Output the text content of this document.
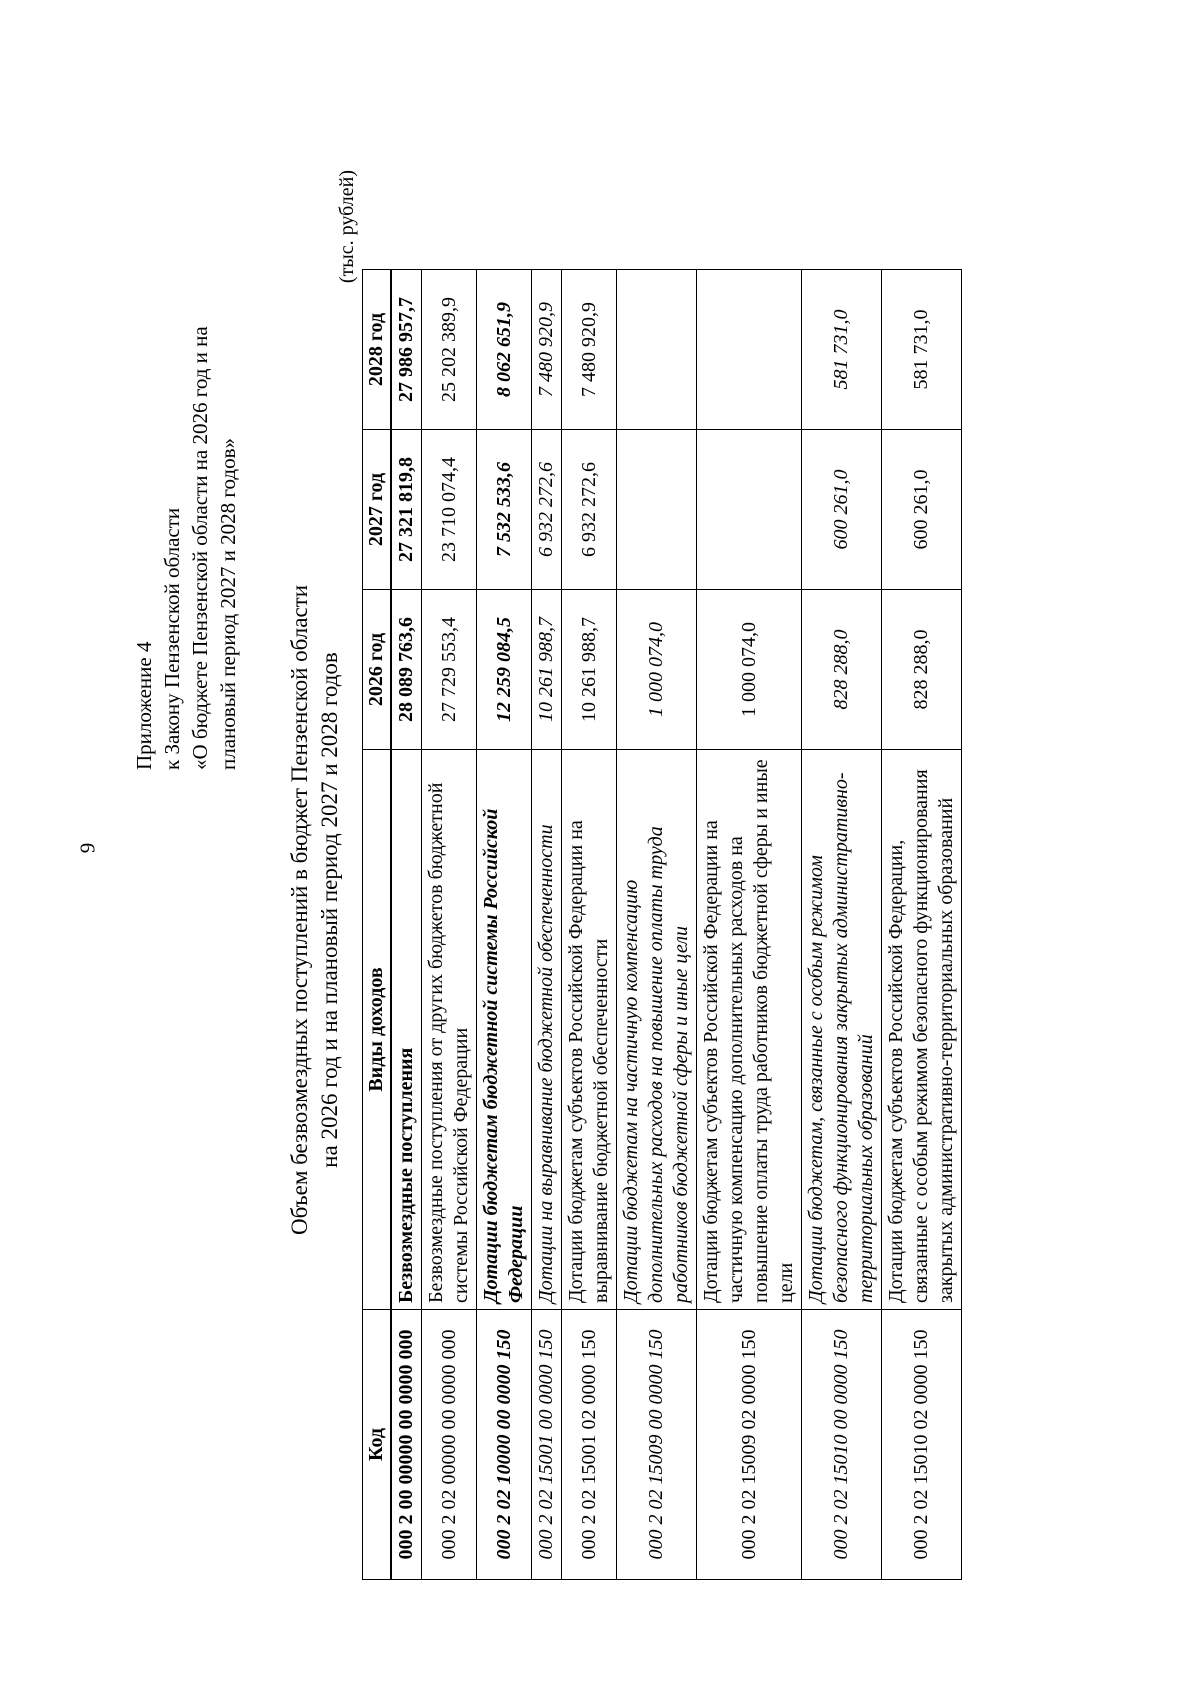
9
Приложение 4 к Закону Пензенской области «О бюджете Пензенской области на 2026 год и на плановый период 2027 и 2028 годов» Объем безвозмездных поступлений в бюджет Пензенской области на 2026 год и на плановый период 2027 и 2028 годов
(тыс. рублей)
Код	Виды доходов	2026 год	2027 год	2028 год
000 2 00 00000 00 0000 000	Безвозмездные поступления	28 089 763,6	27 321 819,8	27 986 957,7
000 2 02 00000 00 0000 000	Безвозмездные поступления от других бюджетов бюджетной системы Российской Федерации	27 729 553,4	23 710 074,4	25 202 389,9
000 2 02 10000 00 0000 150	Дотации бюджетам бюджетной системы Российской Федерации	12 259 084,5	7 532 533,6	8 062 651,9
000 2 02 15001 00 0000 150	Дотации на выравнивание бюджетной обеспеченности	10 261 988,7	6 932 272,6	7 480 920,9
000 2 02 15001 02 0000 150	Дотации бюджетам субъектов Российской Федерации на выравнивание бюджетной обеспеченности	10 261 988,7	6 932 272,6	7 480 920,9
000 2 02 15009 00 0000 150	Дотации бюджетам на частичную компенсацию дополнительных расходов на повышение оплаты труда работников бюджетной сферы и иные цели	1 000 074,0		
000 2 02 15009 02 0000 150	Дотации бюджетам субъектов Российской Федерации на частичную компенсацию дополнительных расходов на повышение оплаты труда работников бюджетной сферы и иные цели	1 000 074,0		
000 2 02 15010 00 0000 150	Дотации бюджетам, связанные с особым режимом безопасного функционирования закрытых административно-территориальных образований	828 288,0	600 261,0	581 731,0
000 2 02 15010 02 0000 150	Дотации бюджетам субъектов Российской Федерации, связанные с особым режимом безопасного функционирования закрытых административно-территориальных образований	828 288,0	600 261,0	581 731,0
